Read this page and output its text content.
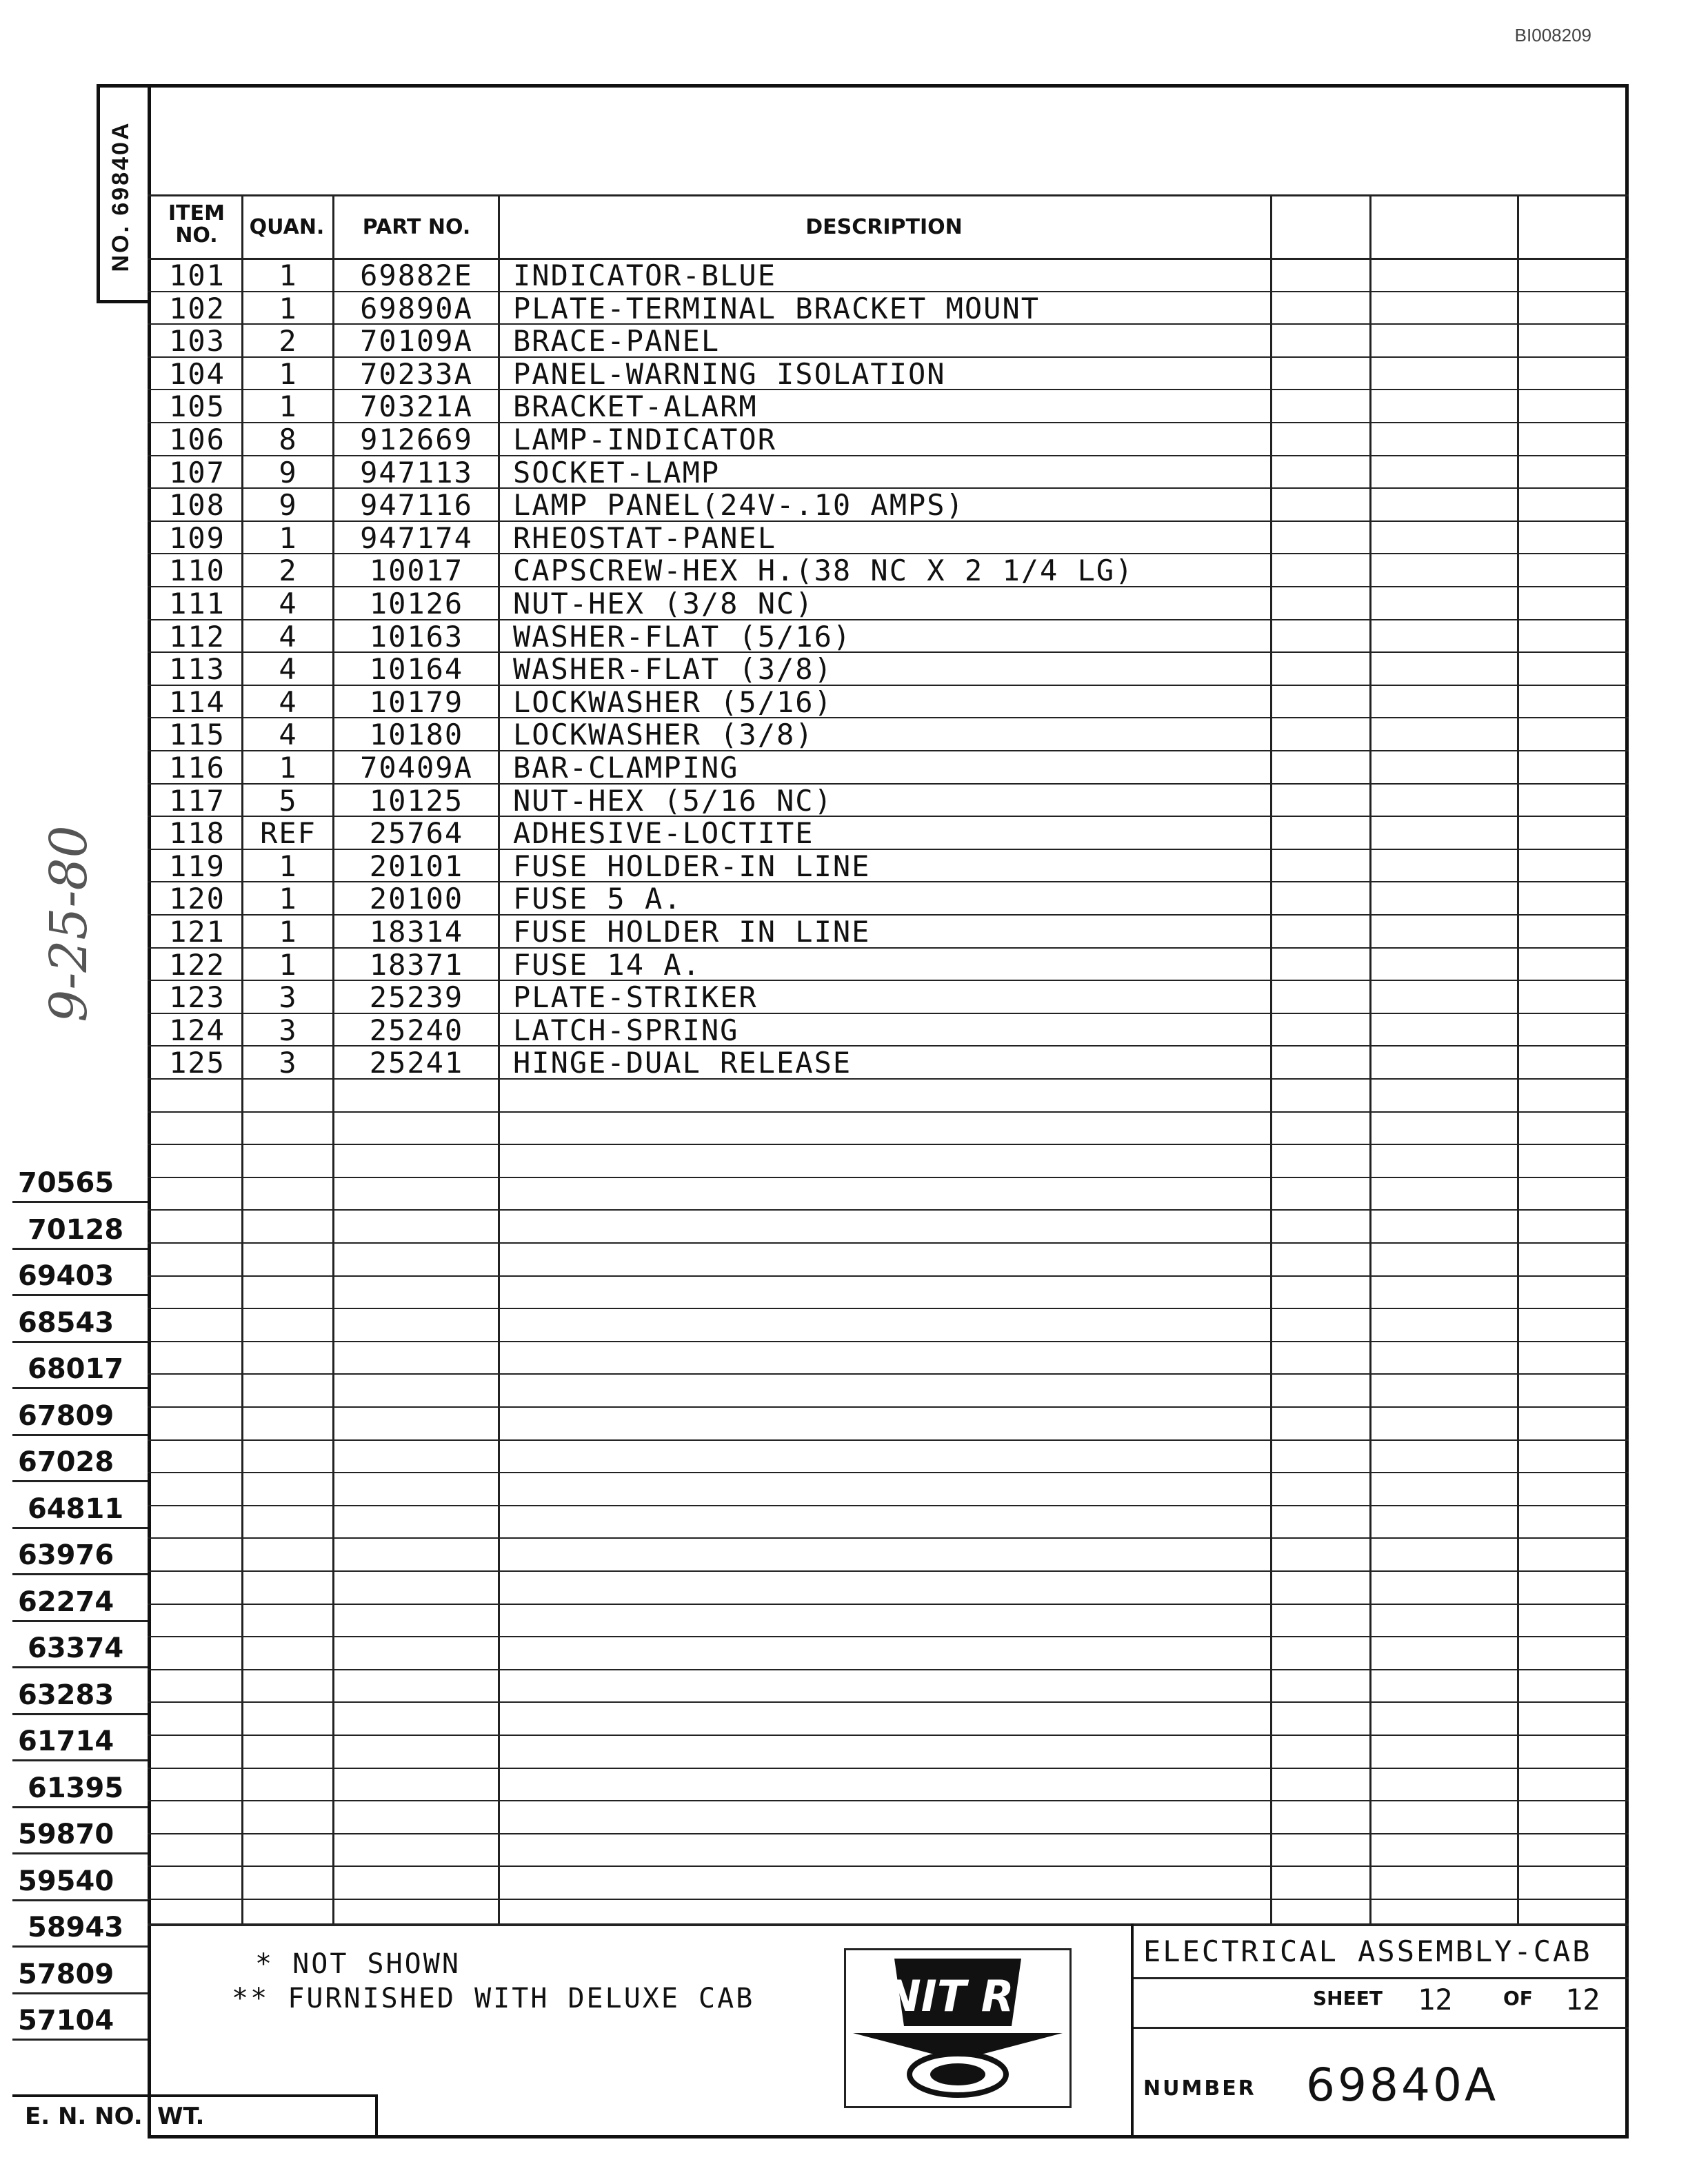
BI008209
NO. 69840A	ITEM NO.	QUAN.	PART NO.	DESCRIPTION
101	1	69882E	INDICATOR-BLUE
102	1	69890A	PLATE-TERMINAL BRACKET MOUNT
103	2	70109A	BRACE-PANEL
104	1	70233A	PANEL-WARNING ISOLATION
105	1	70321A	BRACKET-ALARM
106	8	912669	LAMP-INDICATOR
107	9	947113	SOCKET-LAMP
108	9	947116	LAMP PANEL(24V-.10 AMPS)
109	1	947174	RHEOSTAT-PANEL
110	2	10017	CAPSCREW-HEX H.(38 NC X 2 1/4 LG)
111	4	10126	NUT-HEX (3/8 NC)
112	4	10163	WASHER-FLAT (5/16)
113	4	10164	WASHER-FLAT (3/8)
114	4	10179	LOCKWASHER (5/16)
115	4	10180	LOCKWASHER (3/8)
116	1	70409A	BAR-CLAMPING
117	5	10125	NUT-HEX (5/16 NC)
118	REF	25764	ADHESIVE-LOCTITE
119	1	20101	FUSE HOLDER-IN LINE
120	1	20100	FUSE 5 A.
121	1	18314	FUSE HOLDER IN LINE
122	1	18371	FUSE 14 A.
123	3	25239	PLATE-STRIKER
124	3	25240	LATCH-SPRING
125	3	25241	HINGE-DUAL RELEASE
70565
70128
69403
68543
68017
67809
67028
64811
63976
62274
63374
63283
61714
61395
59870
59540
58943
57809
57104
9-25-80
* NOT SHOWN
** FURNISHED WITH DELUXE CAB UNIT RIG
ELECTRICAL ASSEMBLY-CAB
SHEET 12	OF 12
NUMBER 69840A
E. N. NO. WT.
